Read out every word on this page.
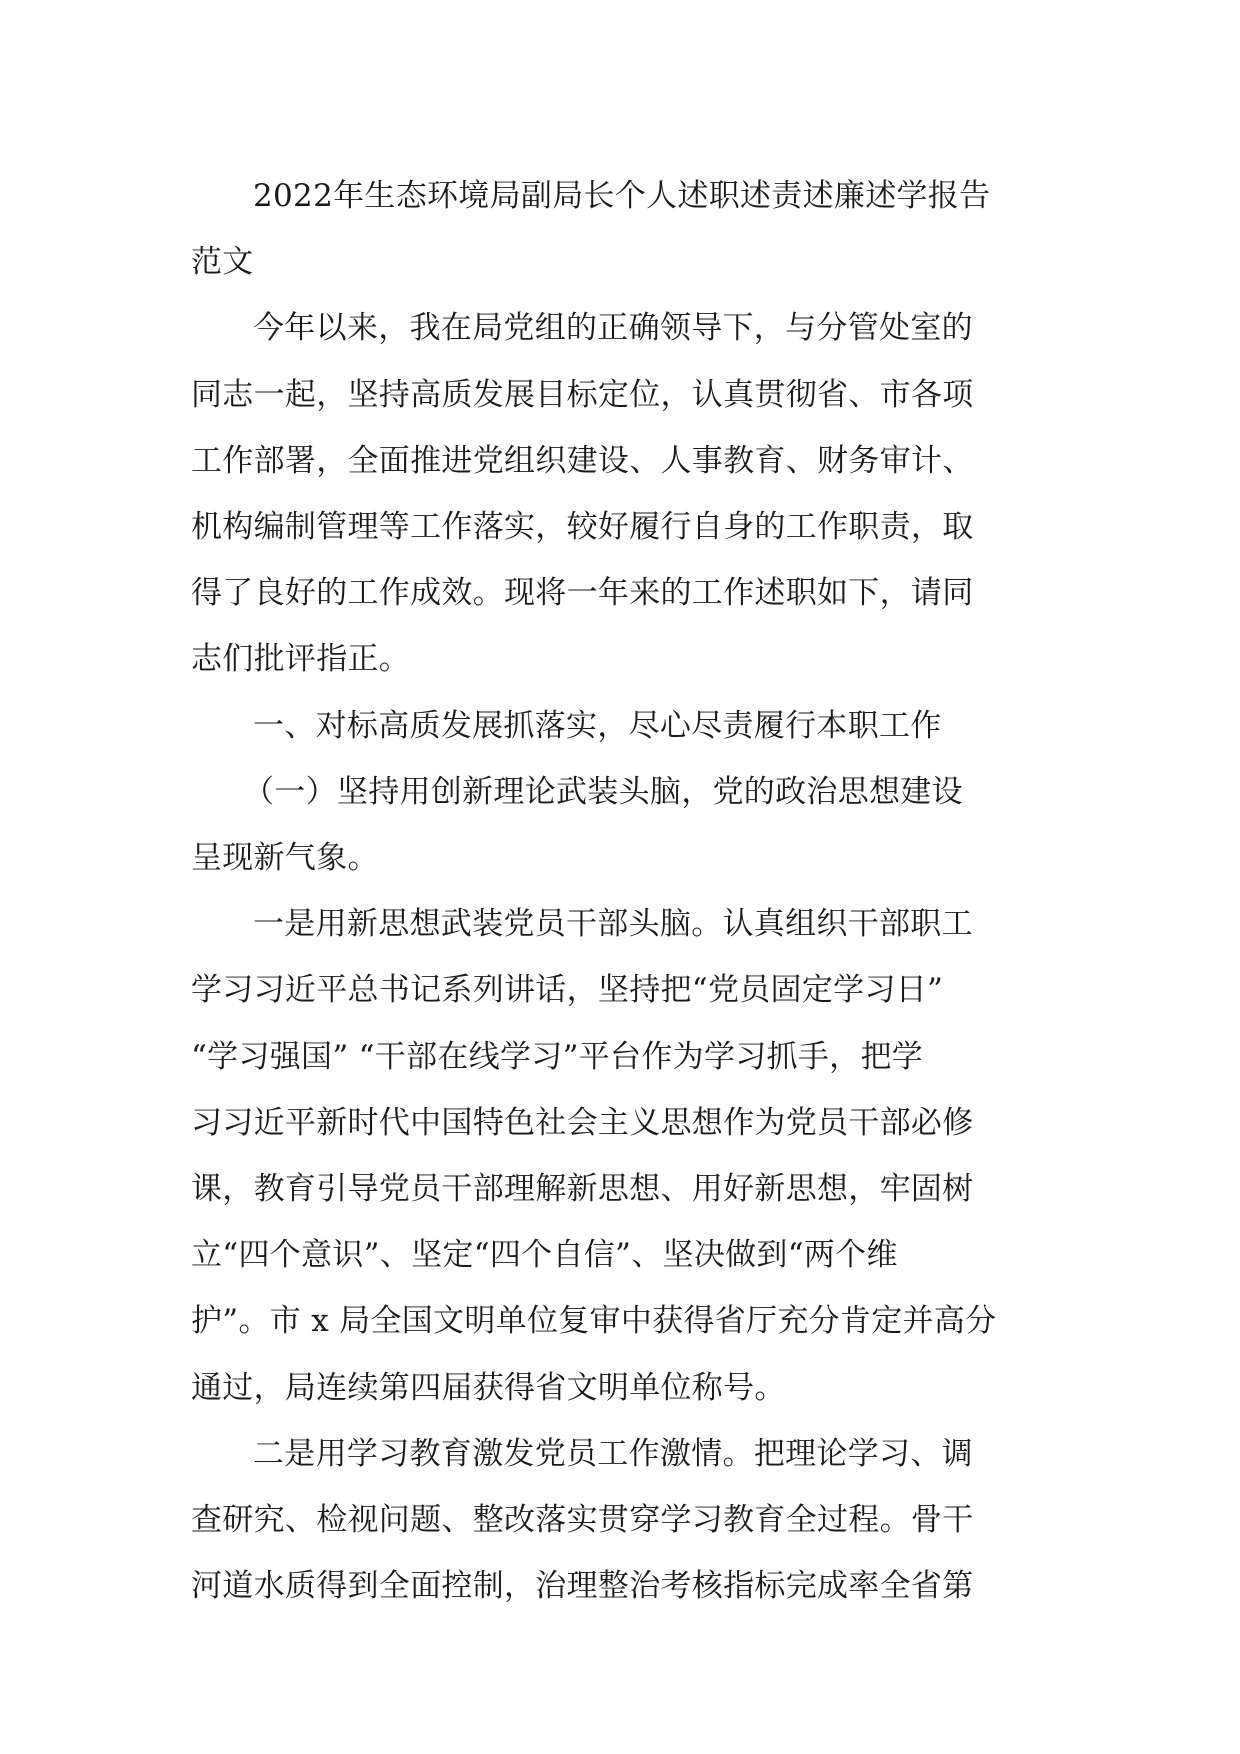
2022年生态环境局副局长个人述职述责述廉述学报告
范文

今年以来，我在局党组的正确领导下，与分管处室的
同志一起，坚持高质发展目标定位，认真贯彻省、市各项
工作部署，全面推进党组织建设、人事教育、财务审计、
机构编制管理等工作落实，较好履行自身的工作职责，取
得了良好的工作成效。现将一年来的工作述职如下，请同
志们批评指正。

一、对标高质发展抓落实，尽心尽责履行本职工作

（一）坚持用创新理论武装头脑，党的政治思想建设
呈现新气象。

一是用新思想武装党员干部头脑。认真组织干部职工
学习习近平总书记系列讲话，坚持把“党员固定学习日”
“学习强国” “干部在线学习”平台作为学习抓手，把学
习习近平新时代中国特色社会主义思想作为党员干部必修
课，教育引导党员干部理解新思想、用好新思想，牢固树
立“四个意识”、坚定“四个自信”、坚决做到“两个维
护”。市 x 局全国文明单位复审中获得省厅充分肯定并高分
通过，局连续第四届获得省文明单位称号。

二是用学习教育激发党员工作激情。把理论学习、调
查研究、检视问题、整改落实贯穿学习教育全过程。骨干
河道水质得到全面控制，治理整治考核指标完成率全省第
